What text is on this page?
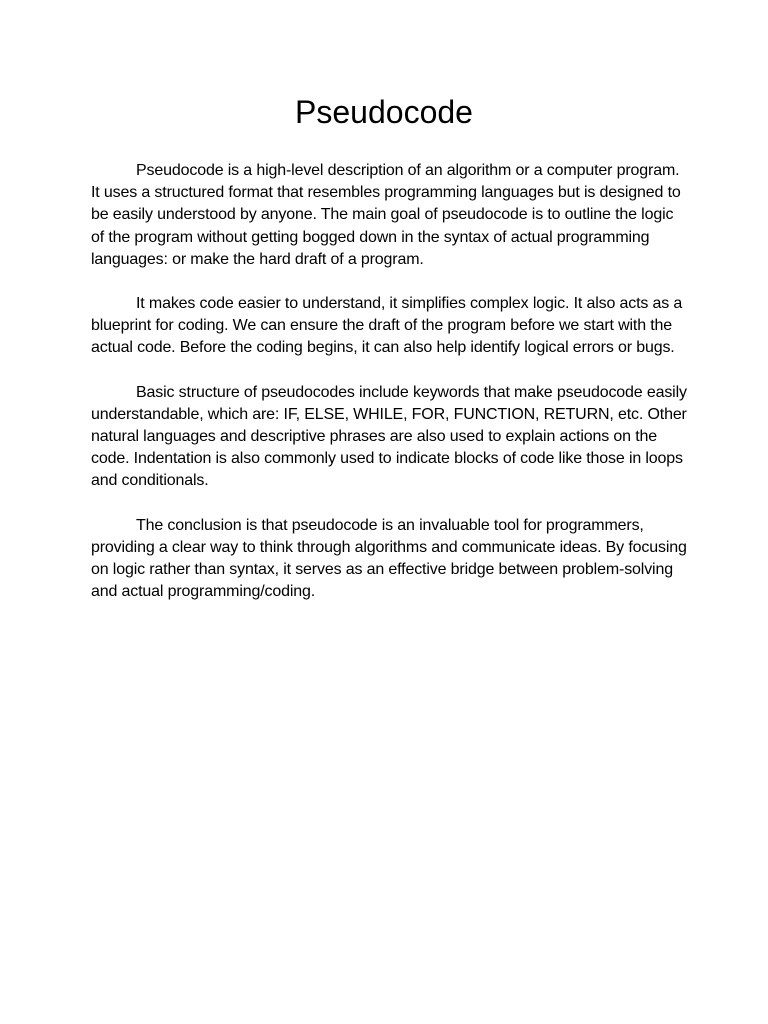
Pseudocode

Pseudocode is a high-level description of an algorithm or a computer program. It uses a structured format that resembles programming languages but is designed to be easily understood by anyone. The main goal of pseudocode is to outline the logic of the program without getting bogged down in the syntax of actual programming languages: or make the hard draft of a program.

It makes code easier to understand, it simplifies complex logic. It also acts as a blueprint for coding. We can ensure the draft of the program before we start with the actual code. Before the coding begins, it can also help identify logical errors or bugs.

Basic structure of pseudocodes include keywords that make pseudocode easily understandable, which are: IF, ELSE, WHILE, FOR, FUNCTION, RETURN, etc. Other natural languages and descriptive phrases are also used to explain actions on the code. Indentation is also commonly used to indicate blocks of code like those in loops and conditionals.

The conclusion is that pseudocode is an invaluable tool for programmers, providing a clear way to think through algorithms and communicate ideas. By focusing on logic rather than syntax, it serves as an effective bridge between problem-solving and actual programming/coding.
